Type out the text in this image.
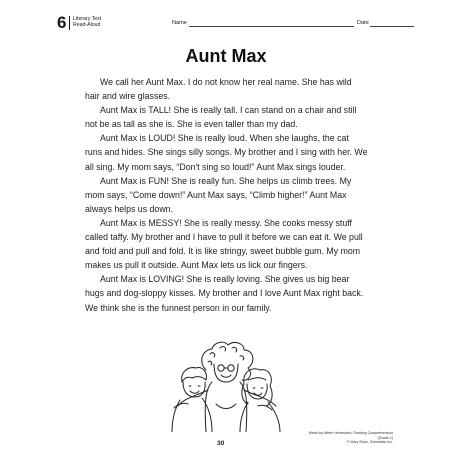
6 Literary Text
Read-Aloud	Name	Date
Aunt Max

We call her Aunt Max. I do not know her real name. She has wild hair and wire glasses.

Aunt Max is TALL! She is really tall. I can stand on a chair and still not be as tall as she is. She is even taller than my dad.

Aunt Max is LOUD! She is really loud. When she laughs, the cat runs and hides. She sings silly songs. My brother and I sing with her. We all sing. My mom says, “Don't sing so loud!” Aunt Max sings louder.

Aunt Max is FUN! She is really fun. She helps us climb trees. My mom says, “Come down!” Aunt Max says, “Climb higher!” Aunt Max always helps us down.

Aunt Max is MESSY! She is really messy. She cooks messy stuff called taffy. My brother and I have to pull it before we can eat it. We pull and fold and pull and fold. It is like stringy, sweet bubble gum. My mom makes us pull it outside. Aunt Max lets us lick our fingers.

Aunt Max is LOVING! She is really loving. She gives us big bear hugs and dog-sloppy kisses. My brother and I love Aunt Max right back. We think she is the funnest person in our family.

30
Week-by-Week Homework: Reading Comprehension (Grade 1)
© Mary Rose, Scholastic Inc.
